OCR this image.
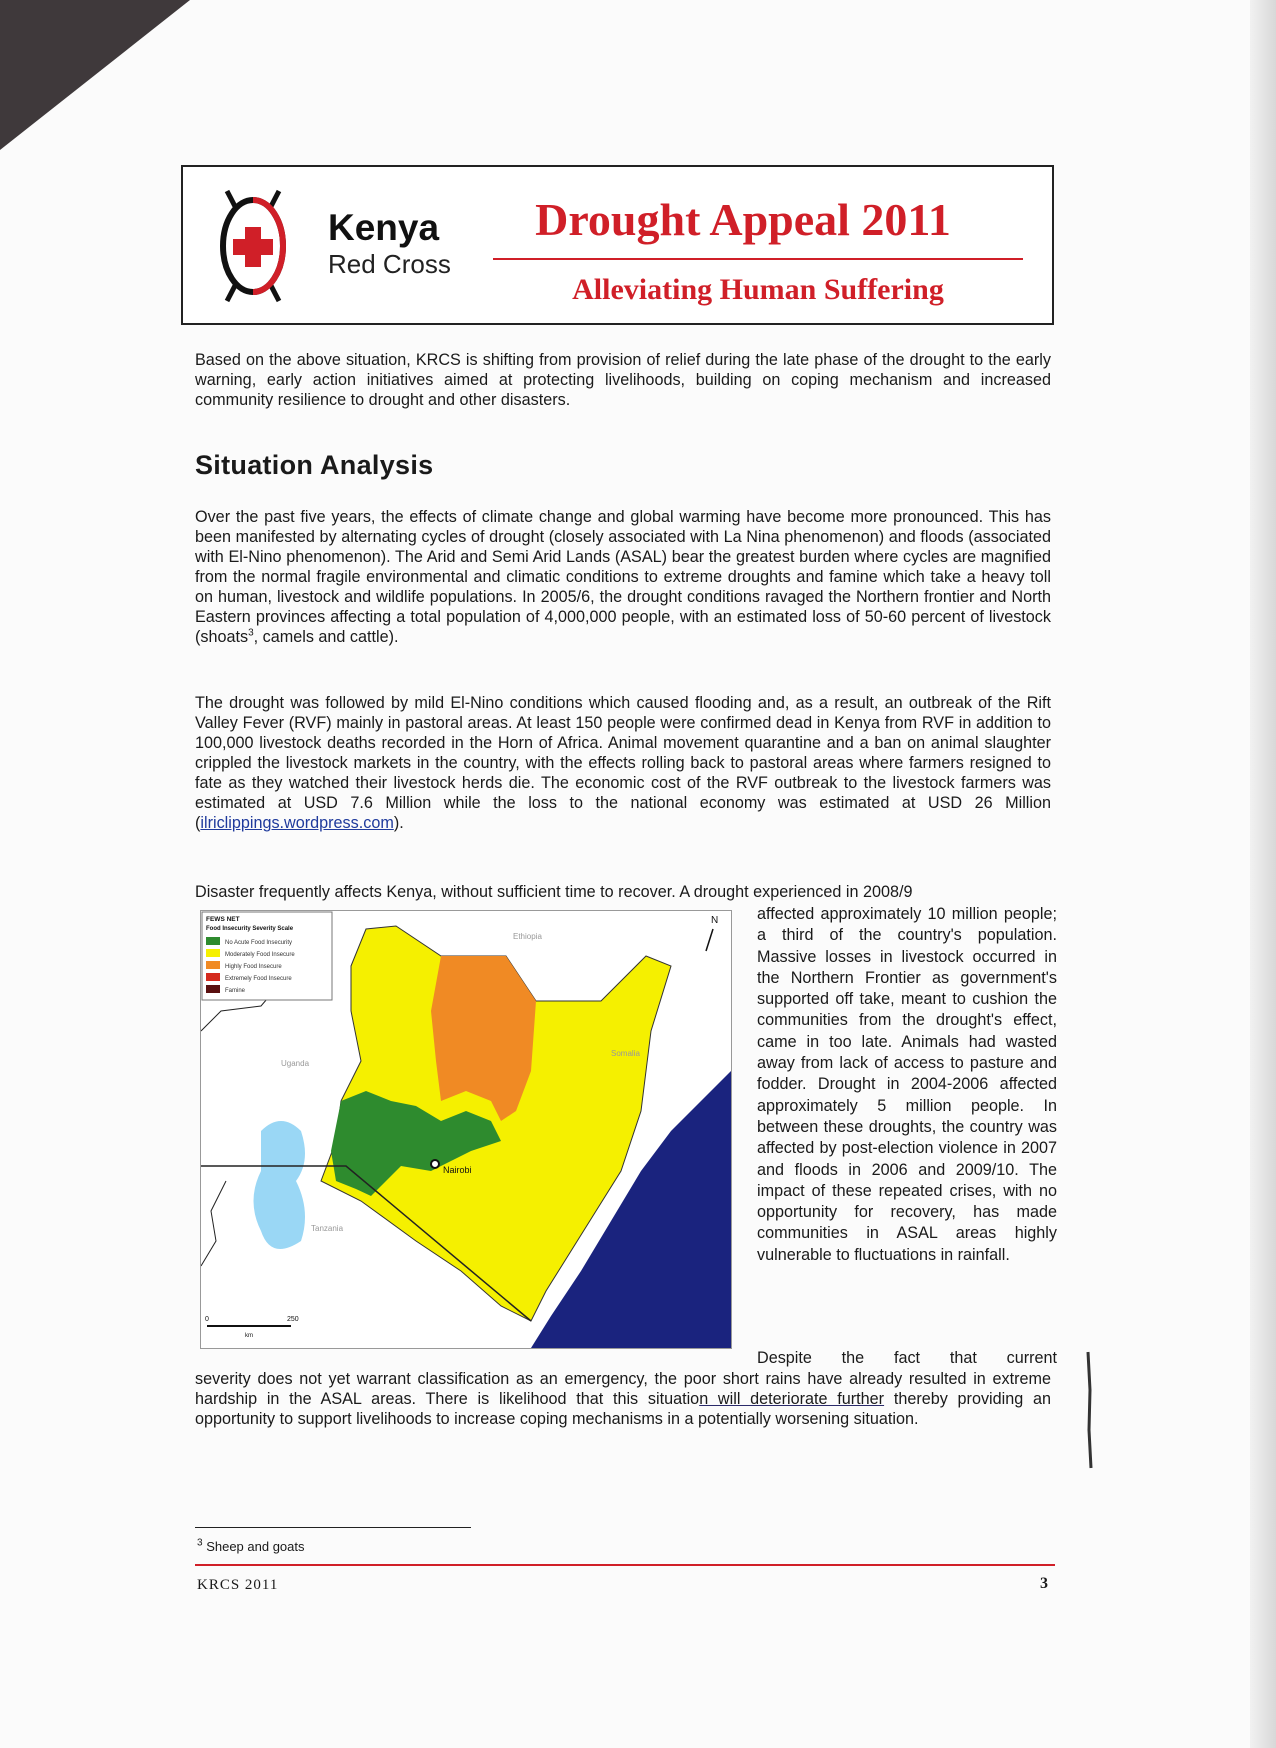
Kenya
Red Cross
Drought Appeal 2011
Alleviating Human Suffering

Based on the above situation, KRCS is shifting from provision of relief during the late phase of the drought to the early warning, early action initiatives aimed at protecting livelihoods, building on coping mechanism and increased community resilience to drought and other disasters.

Situation Analysis

Over the past five years, the effects of climate change and global warming have become more pronounced. This has been manifested by alternating cycles of drought (closely associated with La Nina phenomenon) and floods (associated with El-Nino phenomenon). The Arid and Semi Arid Lands (ASAL) bear the greatest burden where cycles are magnified from the normal fragile environmental and climatic conditions to extreme droughts and famine which take a heavy toll on human, livestock and wildlife populations. In 2005/6, the drought conditions ravaged the Northern frontier and North Eastern provinces affecting a total population of 4,000,000 people, with an estimated loss of 50-60 percent of livestock (shoats$^3$, camels and cattle).

The drought was followed by mild El-Nino conditions which caused flooding and, as a result, an outbreak of the Rift Valley Fever (RVF) mainly in pastoral areas. At least 150 people were confirmed dead in Kenya from RVF in addition to 100,000 livestock deaths recorded in the Horn of Africa. Animal movement quarantine and a ban on animal slaughter crippled the livestock markets in the country, with the effects rolling back to pastoral areas where farmers resigned to fate as they watched their livestock herds die. The economic cost of the RVF outbreak to the livestock farmers was estimated at USD 7.6 Million while the loss to the national economy was estimated at USD 26 Million (ilriclippings.wordpress.com).

Disaster frequently affects Kenya, without sufficient time to recover. A drought experienced in 2008/9

Nairobi
Ethiopia
Somalia
Uganda
Tanzania
N
0	250
km
FEWS NET
Food Insecurity Severity Scale
No Acute Food Insecurity
Moderately Food Insecure
Highly Food Insecure
Extremely Food Insecure
Famine
affected approximately 10 million people; a third of the country's population. Massive losses in livestock occurred in the Northern Frontier as government's supported off take, meant to cushion the communities from the drought's effect, came in too late. Animals had wasted away from lack of access to pasture and fodder. Drought in 2004-2006 affected approximately 5 million people. In between these droughts, the country was affected by post-election violence in 2007 and floods in 2006 and 2009/10. The impact of these repeated crises, with no opportunity for recovery, has made communities in ASAL areas highly vulnerable to fluctuations in rainfall.

Despite the fact that current

severity does not yet warrant classification as an emergency, the poor short rains have already resulted in extreme hardship in the ASAL areas. There is likelihood that this situation will deteriorate further thereby providing an opportunity to support livelihoods to increase coping mechanisms in a potentially worsening situation.

$^3$ Sheep and goats
KRCS 2011	3
